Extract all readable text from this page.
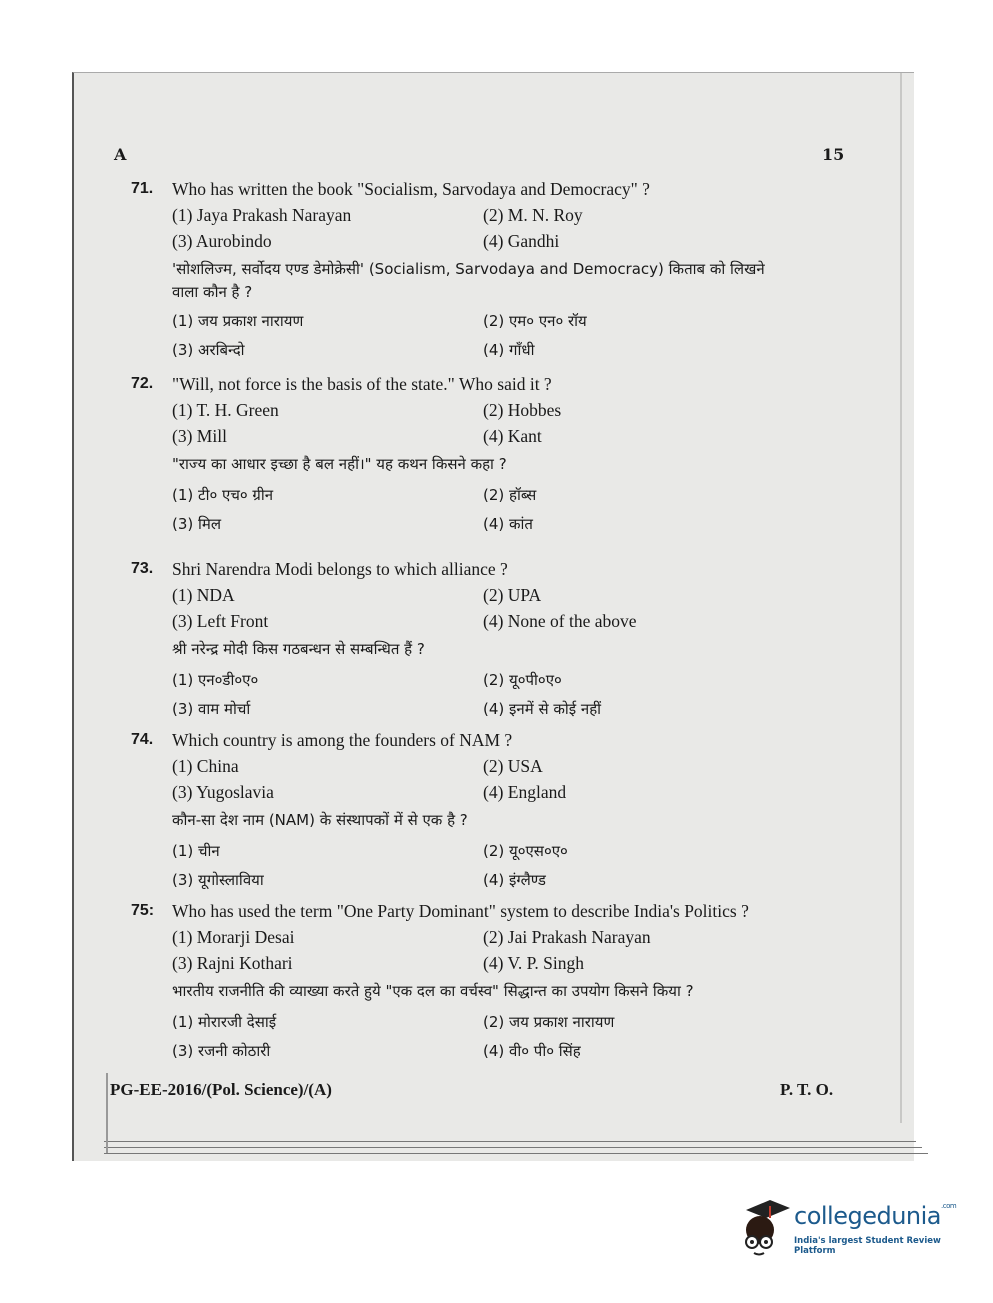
71. Who has written the book "Socialism, Sarvodaya and Democracy" ?
(1) Jaya Prakash Narayan	(2) M. N. Roy
(3) Aurobindo	(4) Gandhi
'सोशलिज्म, सर्वोदय एण्ड डेमोक्रेसी' (Socialism, Sarvodaya and Democracy) किताब को लिखने
वाला कौन है ?
(1) जय प्रकाश नारायण	(2) एम० एन० रॉय
(3) अरबिन्दो	(4) गाँधी
72. "Will, not force is the basis of the state." Who said it ?
(1) T. H. Green	(2) Hobbes
(3) Mill	(4) Kant
"राज्य का आधार इच्छा है बल नहीं।" यह कथन किसने कहा ?
(1) टी० एच० ग्रीन	(2) हॉब्स
(3) मिल	(4) कांत
73. Shri Narendra Modi belongs to which alliance ?
(1) NDA	(2) UPA
(3) Left Front	(4) None of the above
श्री नरेन्द्र मोदी किस गठबन्धन से सम्बन्धित हैं ?
(1) एन०डी०ए०	(2) यू०पी०ए०
(3) वाम मोर्चा	(4) इनमें से कोई नहीं
74. Which country is among the founders of NAM ?
(1) China	(2) USA
(3) Yugoslavia	(4) England
कौन-सा देश नाम (NAM) के संस्थापकों में से एक है ?
(1) चीन	(2) यू०एस०ए०
(3) यूगोस्लाविया	(4) इंग्लैण्ड
75: Who has used the term "One Party Dominant" system to describe India's Politics ?
(1) Morarji Desai	(2) Jai Prakash Narayan
(3) Rajni Kothari	(4) V. P. Singh
भारतीय राजनीति की व्याख्या करते हुये "एक दल का वर्चस्व" सिद्धान्त का उपयोग किसने किया ?
(1) मोरारजी देसाई	(2) जय प्रकाश नारायण
(3) रजनी कोठारी	(4) वी० पी० सिंह
A	15
PG-EE-2016/(Pol. Science)/(A)	P. T. O.
collegedunia$^{.com}$
India's largest Student Review Platform
